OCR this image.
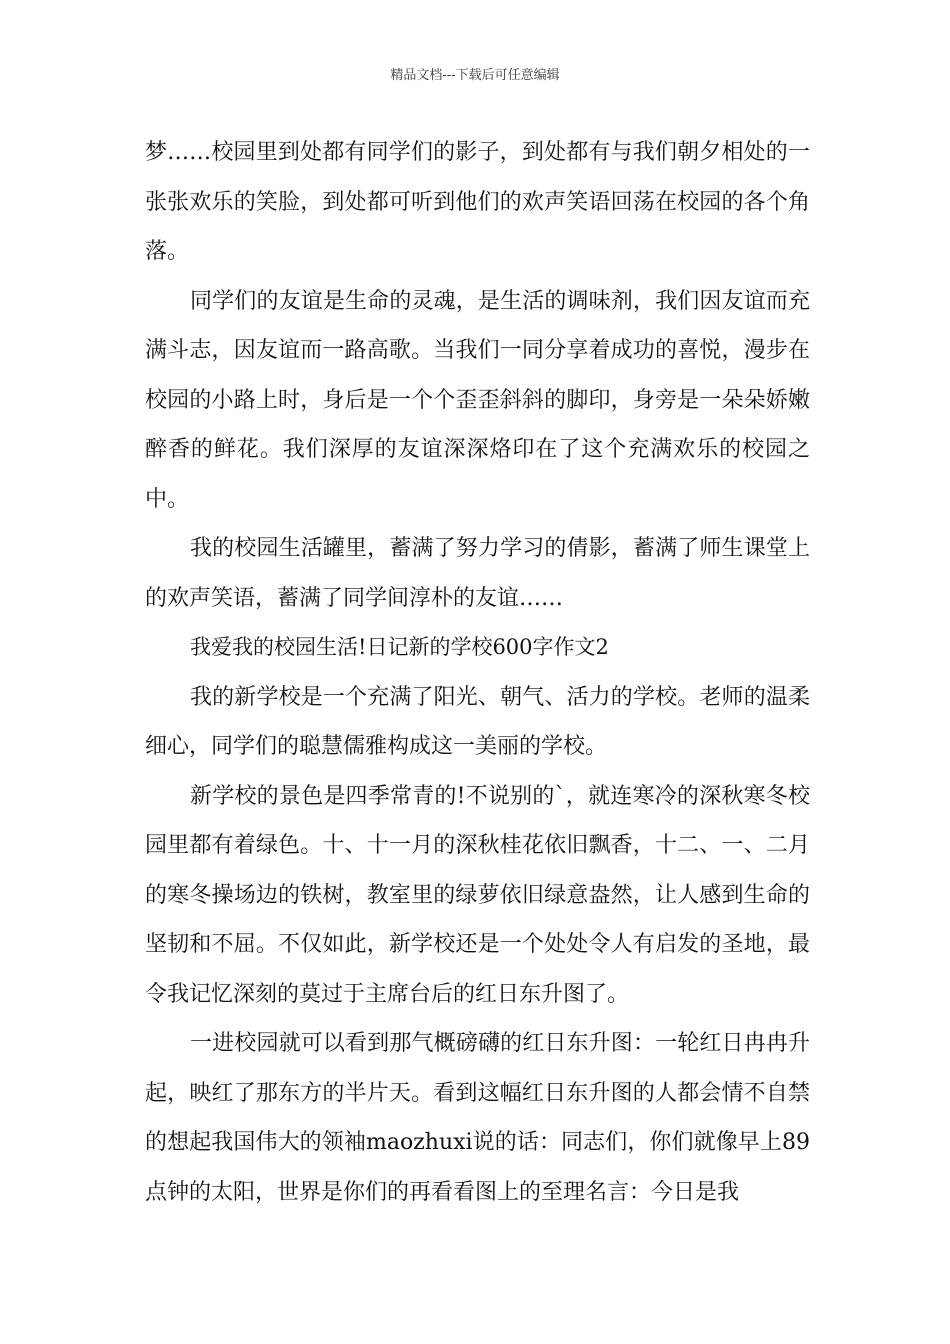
精品文档---下载后可任意编辑

梦……校园里到处都有同学们的影子，到处都有与我们朝夕相处的一张张欢乐的笑脸，到处都可听到他们的欢声笑语回荡在校园的各个角落。

同学们的友谊是生命的灵魂，是生活的调味剂，我们因友谊而充满斗志，因友谊而一路高歌。当我们一同分享着成功的喜悦，漫步在校园的小路上时，身后是一个个歪歪斜斜的脚印，身旁是一朵朵娇嫩醉香的鲜花。我们深厚的友谊深深烙印在了这个充满欢乐的校园之中。

我的校园生活罐里，蓄满了努力学习的倩影，蓄满了师生课堂上的欢声笑语，蓄满了同学间淳朴的友谊……

我爱我的校园生活!日记新的学校600字作文2

我的新学校是一个充满了阳光、朝气、活力的学校。老师的温柔细心，同学们的聪慧儒雅构成这一美丽的学校。

新学校的景色是四季常青的!不说别的`，就连寒冷的深秋寒冬校园里都有着绿色。十、十一月的深秋桂花依旧飘香，十二、一、二月的寒冬操场边的铁树，教室里的绿萝依旧绿意盎然，让人感到生命的坚韧和不屈。不仅如此，新学校还是一个处处令人有启发的圣地，最令我记忆深刻的莫过于主席台后的红日东升图了。

一进校园就可以看到那气概磅礴的红日东升图：一轮红日冉冉升起，映红了那东方的半片天。看到这幅红日东升图的人都会情不自禁的想起我国伟大的领袖maozhuxi说的话：同志们，你们就像早上89点钟的太阳，世界是你们的再看看图上的至理名言：今日是我
